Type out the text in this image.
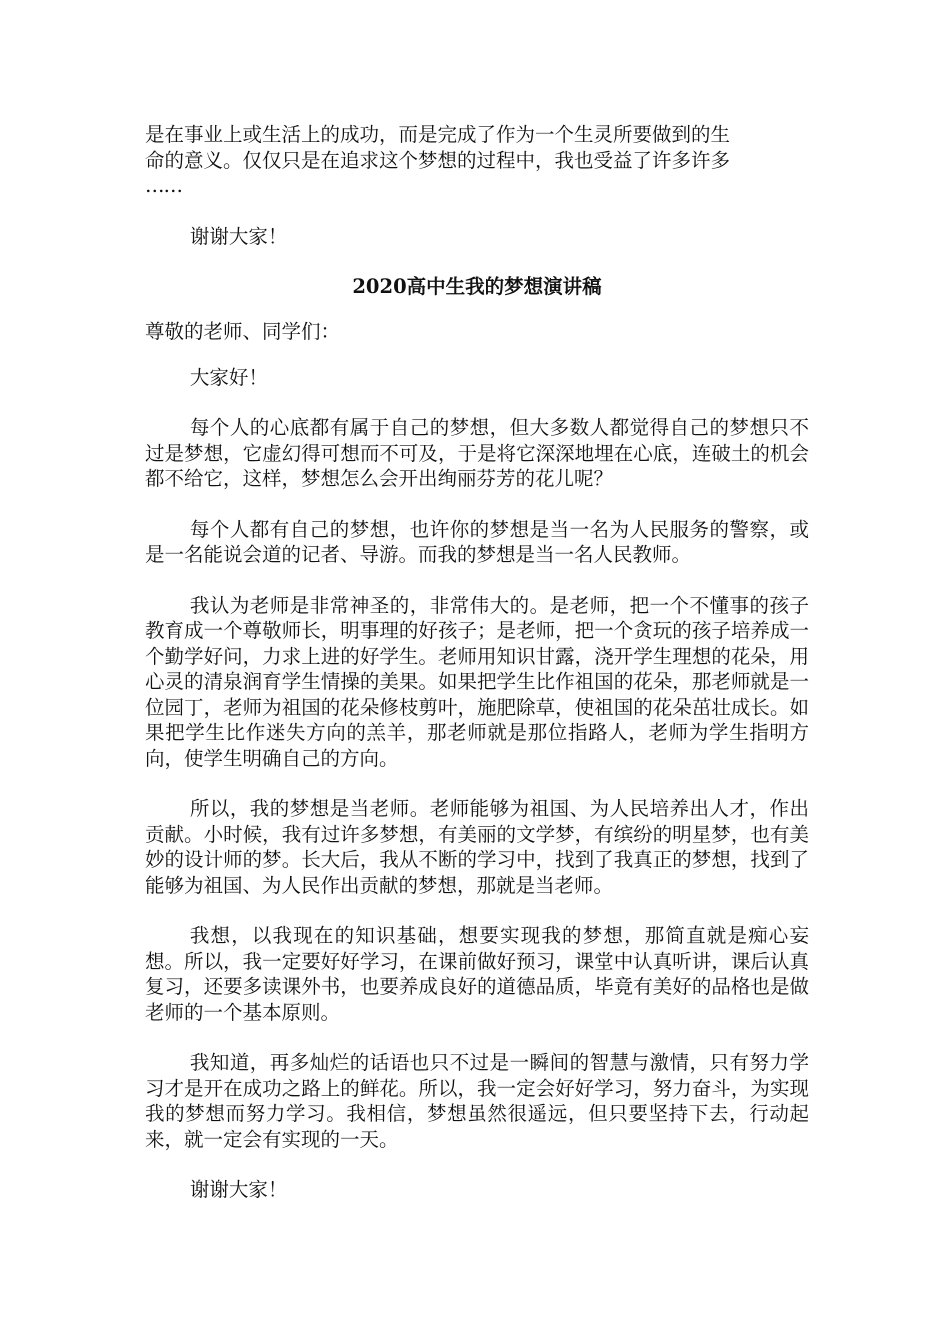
是在事业上或生活上的成功，而是完成了作为一个生灵所要做到的生
命的意义。仅仅只是在追求这个梦想的过程中，我也受益了许多许多
……

谢谢大家！

2020高中生我的梦想演讲稿

尊敬的老师、同学们：

大家好！

每个人的心底都有属于自己的梦想，但大多数人都觉得自己的梦想只不过是梦想，它虚幻得可想而不可及，于是将它深深地埋在心底，连破土的机会都不给它，这样，梦想怎么会开出绚丽芬芳的花儿呢？

每个人都有自己的梦想，也许你的梦想是当一名为人民服务的警察，或是一名能说会道的记者、导游。而我的梦想是当一名人民教师。

我认为老师是非常神圣的，非常伟大的。是老师，把一个不懂事的孩子教育成一个尊敬师长，明事理的好孩子；是老师，把一个贪玩的孩子培养成一个勤学好问，力求上进的好学生。老师用知识甘露，浇开学生理想的花朵，用心灵的清泉润育学生情操的美果。如果把学生比作祖国的花朵，那老师就是一位园丁，老师为祖国的花朵修枝剪叶，施肥除草，使祖国的花朵茁壮成长。如果把学生比作迷失方向的羔羊，那老师就是那位指路人，老师为学生指明方向，使学生明确自己的方向。

所以，我的梦想是当老师。老师能够为祖国、为人民培养出人才，作出贡献。小时候，我有过许多梦想，有美丽的文学梦，有缤纷的明星梦，也有美妙的设计师的梦。长大后，我从不断的学习中，找到了我真正的梦想，找到了能够为祖国、为人民作出贡献的梦想，那就是当老师。

我想，以我现在的知识基础，想要实现我的梦想，那简直就是痴心妄想。所以，我一定要好好学习，在课前做好预习，课堂中认真听讲，课后认真复习，还要多读课外书，也要养成良好的道德品质，毕竟有美好的品格也是做老师的一个基本原则。

我知道，再多灿烂的话语也只不过是一瞬间的智慧与激情，只有努力学习才是开在成功之路上的鲜花。所以，我一定会好好学习，努力奋斗，为实现我的梦想而努力学习。我相信，梦想虽然很遥远，但只要坚持下去，行动起来，就一定会有实现的一天。

谢谢大家！
